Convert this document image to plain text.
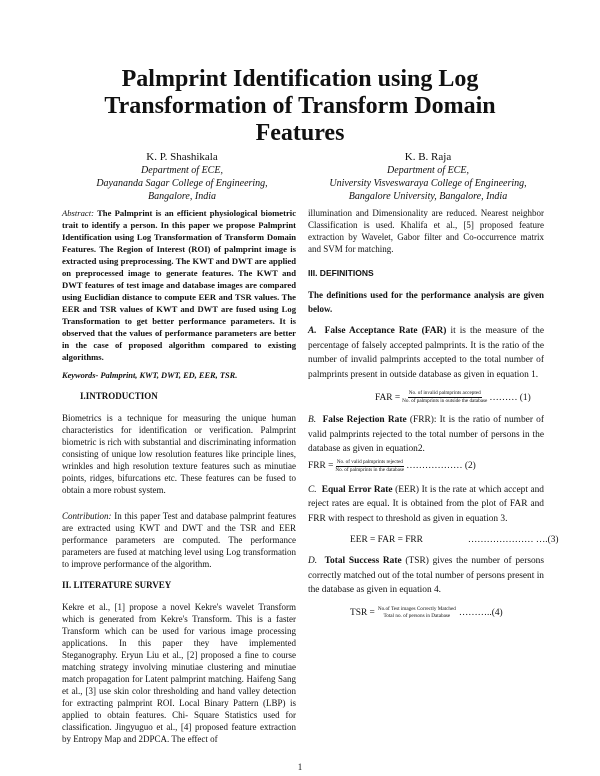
Palmprint Identification using Log Transformation of Transform Domain Features
K. P. Shashikala
Department of ECE,
Dayananda Sagar College of Engineering,
Bangalore, India
K. B. Raja
Department of ECE,
University Visveswaraya College of Engineering,
Bangalore University, Bangalore, India
Abstract: The Palmprint is an efficient physiological biometric trait to identify a person. In this paper we propose Palmprint Identification using Log Transformation of Transform Domain Features. The Region of Interest (ROI) of palmprint image is extracted using preprocessing. The KWT and DWT are applied on preprocessed image to generate features. The KWT and DWT features of test image and database images are compared using Euclidian distance to compute EER and TSR values. The EER and TSR values of KWT and DWT are fused using Log Transformation to get better performance parameters. It is observed that the values of performance parameters are better in the case of proposed algorithm compared to existing algorithms.
Keywords- Palmprint, KWT, DWT, ED, EER, TSR.
I.INTRODUCTION
Biometrics is a technique for measuring the unique human characteristics for identification or verification. Palmprint biometric is rich with substantial and discriminating information consisting of unique low resolution features like principle lines, wrinkles and high resolution texture features such as minutiae points, ridges, bifurcations etc. These features can be fused to obtain a more robust system.
Contribution: In this paper Test and database palmprint features are extracted using KWT and DWT and the TSR and EER performance parameters are computed. The performance parameters are fused at matching level using Log transformation to improve performance of the algorithm.
II. LITERATURE SURVEY
Kekre et al., [1] propose a novel Kekre's wavelet Transform which is generated from Kekre's Transform. This is a faster Transform which can be used for various image processing applications. In this paper they have implemented Steganography. Eryun Liu et al., [2] proposed a fine to course matching strategy involving minutiae clustering and minutiae match propagation for Latent palmprint matching. Haifeng Sang et al., [3] use skin color thresholding and hand valley detection for extracting palmprint ROI. Local Binary Pattern (LBP) is applied to obtain features. Chi- Square Statistics used for classification. Jingyuguo et al., [4] proposed feature extraction by Entropy Map and 2DPCA. The effect of
illumination and Dimensionality are reduced. Nearest neighbor Classification is used. Khalifa et al., [5] proposed feature extraction by Wavelet, Gabor filter and Co-occurrence matrix and SVM for matching.
III. DEFINITIONS
The definitions used for the performance analysis are given below.
A. False Acceptance Rate (FAR) it is the measure of the percentage of falsely accepted palmprints. It is the ratio of the number of invalid palmprints accepted to the total number of palmprints present in outside database as given in equation 1.
FAR = $\frac{\text{No. of invalid palmprints accepted}}{\text{No. of palmprints in outside the database}}$ ……… (1)
B. False Rejection Rate (FRR): It is the ratio of number of valid palmprints rejected to the total number of persons in the database as given in equation2.
FRR = $\frac{\text{No. of valid palmprints rejected}}{\text{No. of palmprints in the database}}$ ……………… (2)
C. Equal Error Rate (EER) It is the rate at which accept and reject rates are equal. It is obtained from the plot of FAR and FRR with respect to threshold as given in equation 3.
EER = FAR = FRR	………………… ….(3)
D. Total Success Rate (TSR) gives the number of persons correctly matched out of the total number of persons present in the database as given in equation 4.
TSR = No.of Test images Correctly Matched
Total no. of persons in Database ………..(4)
1
